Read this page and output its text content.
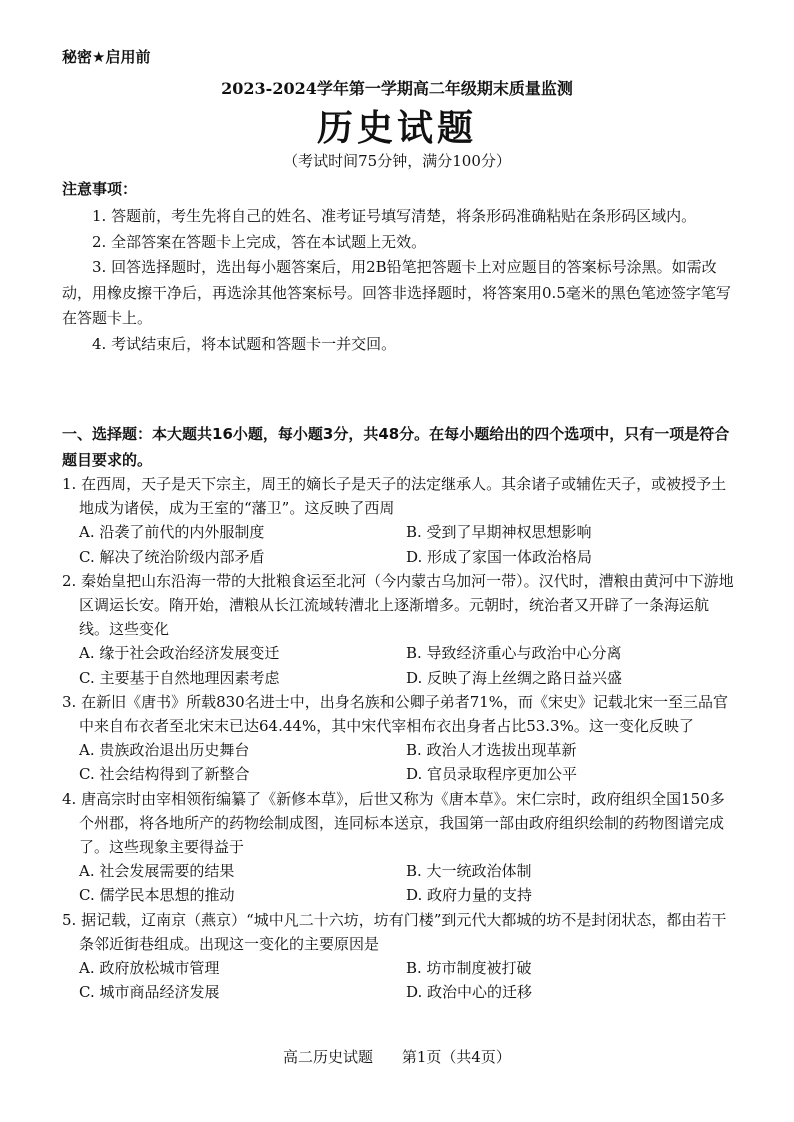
秘密★启用前
2023-2024学年第一学期高二年级期末质量监测
历史试题
（考试时间75分钟，满分100分）
注意事项：

1. 答题前，考生先将自己的姓名、准考证号填写清楚，将条形码准确粘贴在条形码区域内。

2. 全部答案在答题卡上完成，答在本试题上无效。

3. 回答选择题时，选出每小题答案后，用2B铅笔把答题卡上对应题目的答案标号涂黑。如需改动，用橡皮擦干净后，再选涂其他答案标号。回答非选择题时，将答案用0.5毫米的黑色笔迹签字笔写在答题卡上。

4. 考试结束后，将本试题和答题卡一并交回。

一、选择题：本大题共16小题，每小题3分，共48分。在每小题给出的四个选项中，只有一项是符合题目要求的。
1. 在西周，天子是天下宗主，周王的嫡长子是天子的法定继承人。其余诸子或辅佐天子，或被授予土地成为诸侯，成为王室的“藩卫”。这反映了西周
A. 沿袭了前代的内外服制度	B. 受到了早期神权思想影响
C. 解决了统治阶级内部矛盾	D. 形成了家国一体政治格局
2. 秦始皇把山东沿海一带的大批粮食运至北河（今内蒙古乌加河一带）。汉代时，漕粮由黄河中下游地区调运长安。隋开始，漕粮从长江流域转漕北上逐渐增多。元朝时，统治者又开辟了一条海运航线。这些变化
A. 缘于社会政治经济发展变迁	B. 导致经济重心与政治中心分离
C. 主要基于自然地理因素考虑	D. 反映了海上丝绸之路日益兴盛
3. 在新旧《唐书》所载830名进士中，出身名族和公卿子弟者71%，而《宋史》记载北宋一至三品官中来自布衣者至北宋末已达64.44%，其中宋代宰相布衣出身者占比53.3%。这一变化反映了
A. 贵族政治退出历史舞台	B. 政治人才选拔出现革新
C. 社会结构得到了新整合	D. 官员录取程序更加公平
4. 唐高宗时由宰相领衔编纂了《新修本草》，后世又称为《唐本草》。宋仁宗时，政府组织全国150多个州郡，将各地所产的药物绘制成图，连同标本送京，我国第一部由政府组织绘制的药物图谱完成了。这些现象主要得益于
A. 社会发展需要的结果	B. 大一统政治体制
C. 儒学民本思想的推动	D. 政府力量的支持
5. 据记载，辽南京（燕京）“城中凡二十六坊，坊有门楼”到元代大都城的坊不是封闭状态，都由若干条邻近街巷组成。出现这一变化的主要原因是
A. 政府放松城市管理	B. 坊市制度被打破
C. 城市商品经济发展	D. 政治中心的迁移
高二历史试题 第1页（共4页）
